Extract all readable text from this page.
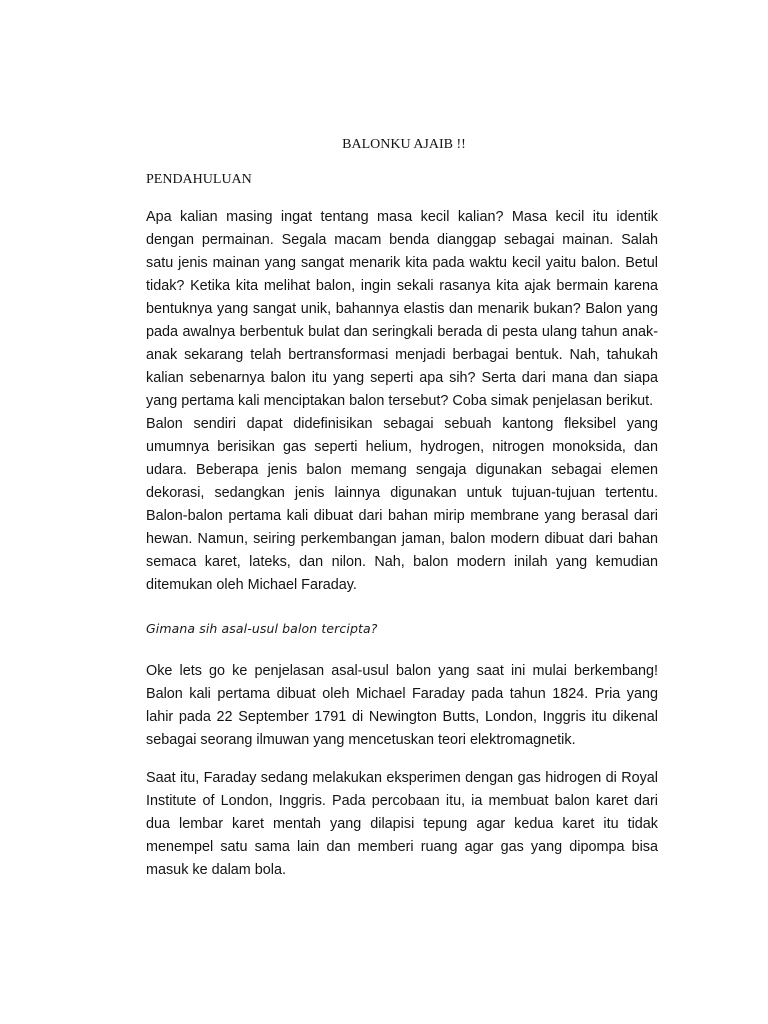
BALONKU AJAIB !!

PENDAHULUAN

Apa kalian masing ingat tentang masa kecil kalian? Masa kecil itu identik dengan permainan. Segala macam benda dianggap sebagai mainan. Salah satu jenis mainan yang sangat menarik kita pada waktu kecil yaitu balon. Betul tidak? Ketika kita melihat balon, ingin sekali rasanya kita ajak bermain karena bentuknya yang sangat unik, bahannya elastis dan menarik bukan? Balon yang pada awalnya berbentuk bulat dan seringkali berada di pesta ulang tahun anak-anak sekarang telah bertransformasi menjadi berbagai bentuk. Nah, tahukah kalian sebenarnya balon itu yang seperti apa sih? Serta dari mana dan siapa yang pertama kali menciptakan balon tersebut? Coba simak penjelasan berikut.

Balon sendiri dapat didefinisikan sebagai sebuah kantong fleksibel yang umumnya berisikan gas seperti helium, hydrogen, nitrogen monoksida, dan udara. Beberapa jenis balon memang sengaja digunakan sebagai elemen dekorasi, sedangkan jenis lainnya digunakan untuk tujuan-tujuan tertentu. Balon-balon pertama kali dibuat dari bahan mirip membrane yang berasal dari hewan. Namun, seiring perkembangan jaman, balon modern dibuat dari bahan semaca karet, lateks, dan nilon. Nah, balon modern inilah yang kemudian ditemukan oleh Michael Faraday.

Gimana sih asal-usul balon tercipta?

Oke lets go ke penjelasan asal-usul balon yang saat ini mulai berkembang! Balon kali pertama dibuat oleh Michael Faraday pada tahun 1824. Pria yang lahir pada 22 September 1791 di Newington Butts, London, Inggris itu dikenal sebagai seorang ilmuwan yang mencetuskan teori elektromagnetik.

Saat itu, Faraday sedang melakukan eksperimen dengan gas hidrogen di Royal Institute of London, Inggris. Pada percobaan itu, ia membuat balon karet dari dua lembar karet mentah yang dilapisi tepung agar kedua karet itu tidak menempel satu sama lain dan memberi ruang agar gas yang dipompa bisa masuk ke dalam bola.
